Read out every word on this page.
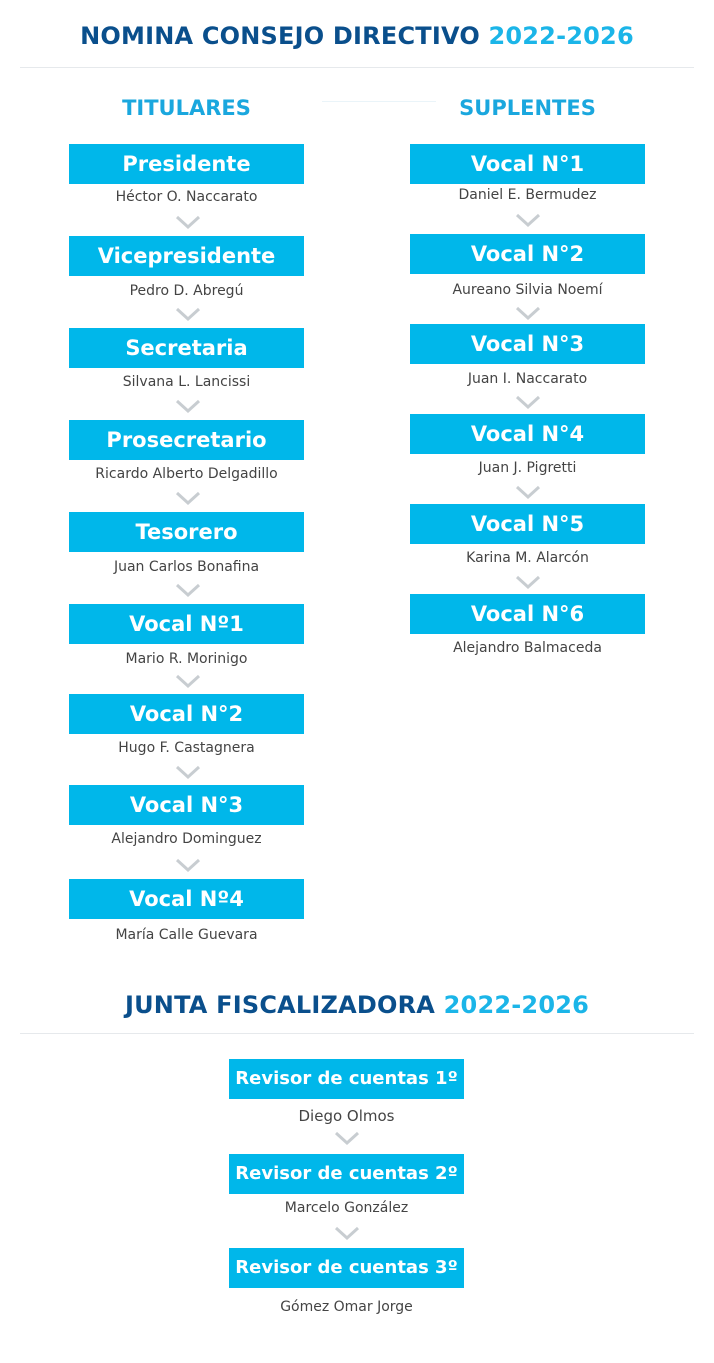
NOMINA CONSEJO DIRECTIVO 2022-2026
TITULARES	SUPLENTES
Presidente
Héctor O. Naccarato
Vicepresidente
Pedro D. Abregú
Secretaria
Silvana L. Lancissi
Prosecretario
Ricardo Alberto Delgadillo
Tesorero
Juan Carlos Bonafina
Vocal Nº1
Mario R. Morinigo
Vocal N°2
Hugo F. Castagnera
Vocal N°3
Alejandro Dominguez
Vocal Nº4
María Calle Guevara
Vocal N°1
Daniel E. Bermudez
Vocal N°2
Aureano Silvia Noemí
Vocal N°3
Juan I. Naccarato
Vocal N°4
Juan J. Pigretti
Vocal N°5
Karina M. Alarcón
Vocal N°6
Alejandro Balmaceda
JUNTA FISCALIZADORA 2022-2026
Revisor de cuentas 1º
Diego Olmos
Revisor de cuentas 2º
Marcelo González
Revisor de cuentas 3º
Gómez Omar Jorge
